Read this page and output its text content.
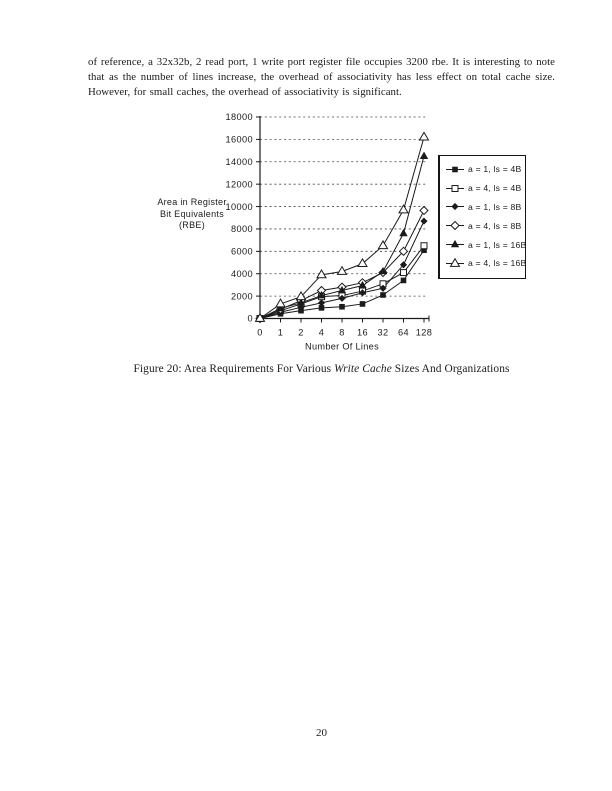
of reference, a 32x32b, 2 read port, 1 write port register file occupies 3200 rbe. It is interesting to note
that as the number of lines increase, the overhead of associativity has less effect on total cache size.
However, for small caches, the overhead of associativity is significant.
Area in Register
Bit Equivalents
(RBE)
0
2000
4000
6000
8000
10000
12000
14000
16000
18000
0 1 2 4 8 16 32 64 128
Number Of Lines
a = 1, ls = 4B
a = 4, ls = 4B
a = 1, ls = 8B
a = 4, ls = 8B
a = 1, ls = 16B
a = 4, ls = 16B

Figure 20: Area Requirements For Various Write Cache Sizes And Organizations

20
